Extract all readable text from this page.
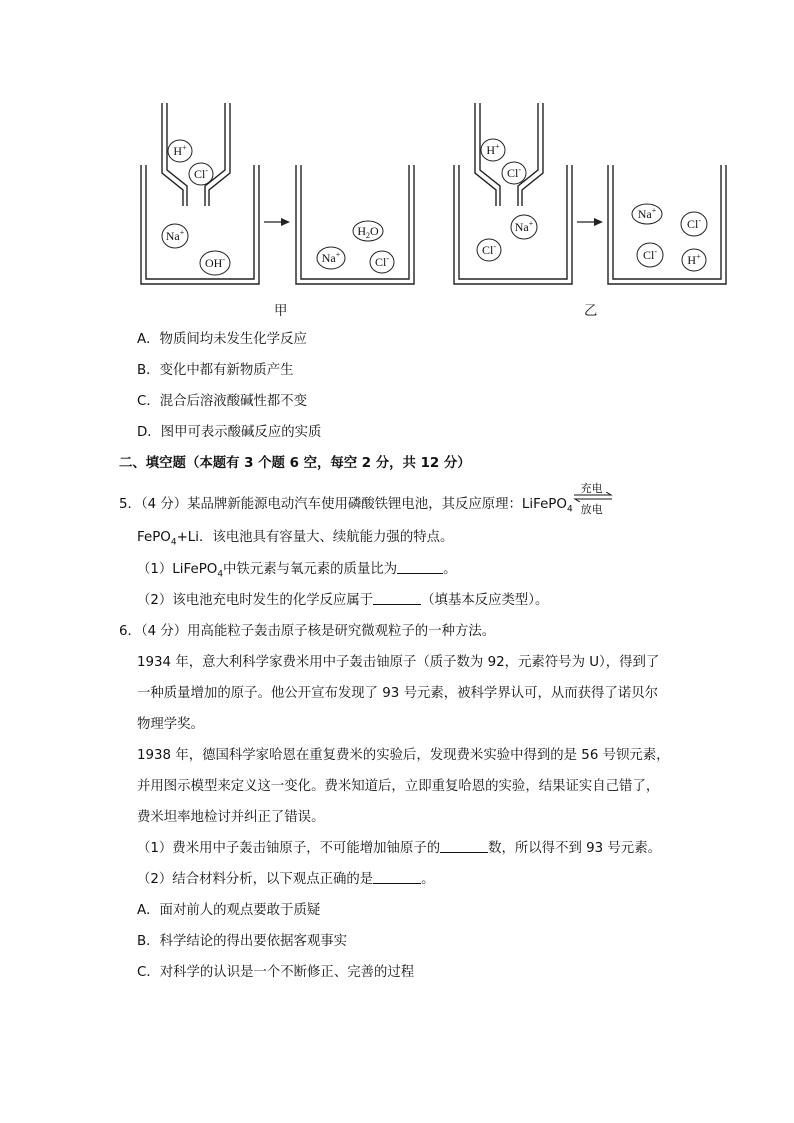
H+
Cl-
Na+
OH-
$H_2O$
Na+
Cl-
H+
Cl-
Na+
Cl-
Na+
Cl-
Cl-
H+
甲	乙
A．物质间均未发生化学反应
B．变化中都有新物质产生
C．混合后溶液酸碱性都不变
D．图甲可表示酸碱反应的实质
二、填空题（本题有 3 个题 6 空，每空 2 分，共 12 分）
5．（4 分）某品牌新能源电动汽车使用磷酸铁锂电池，其反应原理：LiFePO$_4$
充电
放电
FePO$_4$+Li．该电池具有容量大、续航能力强的特点。
（1）LiFePO$_4$中铁元素与氧元素的质量比为	。
（2）该电池充电时发生的化学反应属于	（填基本反应类型）。
6．（4 分）用高能粒子轰击原子核是研究微观粒子的一种方法。
1934 年，意大利科学家费米用中子轰击铀原子（质子数为 92，元素符号为 U），得到了
一种质量增加的原子。他公开宣布发现了 93 号元素，被科学界认可，从而获得了诺贝尔
物理学奖。
1938 年，德国科学家哈恩在重复费米的实验后，发现费米实验中得到的是 56 号钡元素，
并用图示模型来定义这一变化。费米知道后，立即重复哈恩的实验，结果证实自己错了，
费米坦率地检讨并纠正了错误。
（1）费米用中子轰击铀原子，不可能增加铀原子的	数，所以得不到 93 号元素。
（2）结合材料分析，以下观点正确的是	。
A．面对前人的观点要敢于质疑
B．科学结论的得出要依据客观事实
C．对科学的认识是一个不断修正、完善的过程
